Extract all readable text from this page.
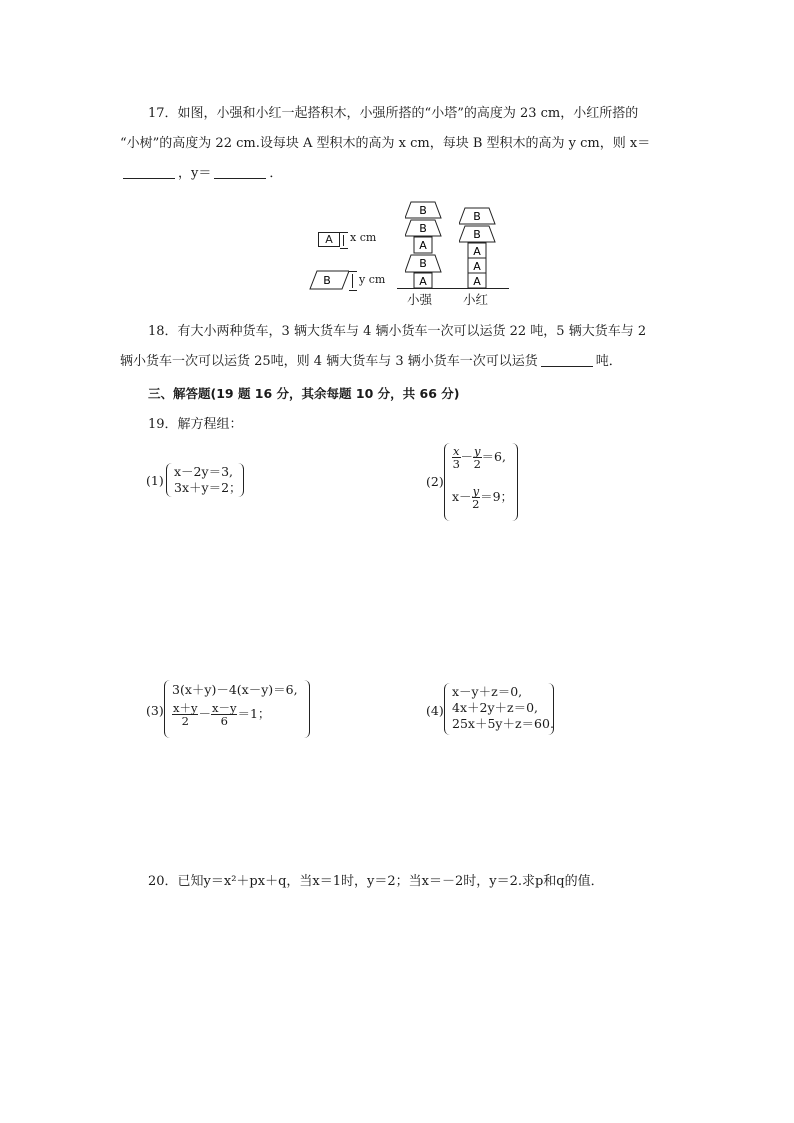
17．如图，小强和小红一起搭积木，小强所搭的“小塔”的高度为 23 cm，小红所搭的
“小树”的高度为 22 cm.设每块 A 型积木的高为 x cm，每块 B 型积木的高为 y cm，则 x＝
，y＝	．
A	x cm
B	y cm
B
B
A
B
A
小强
B
B
A
A
A
小红
18．有大小两种货车，3 辆大货车与 4 辆小货车一次可以运货 22 吨，5 辆大货车与 2
辆小货车一次可以运货 25吨，则 4 辆大货车与 3 辆小货车一次可以运货	吨．
三、解答题(19 题 16 分，其余每题 10 分，共 66 分)
19．解方程组：
(1)
x－2y＝3,
3x＋y＝2；	(2)
$\frac{x}{3} - \frac{y}{2} =6$,
$x- \frac{y}{2} =9$；
(3)
3(x＋y)－4(x－y)＝6,
$\frac{x+y}{2} - \frac{x-y}{6} =1$；	(4)
x－y＋z＝0,
4x＋2y＋z＝0,
25x＋5y＋z＝60.
20．已知y＝x²＋px＋q，当x＝1时，y＝2；当x＝－2时，y＝2.求p和q的值．
